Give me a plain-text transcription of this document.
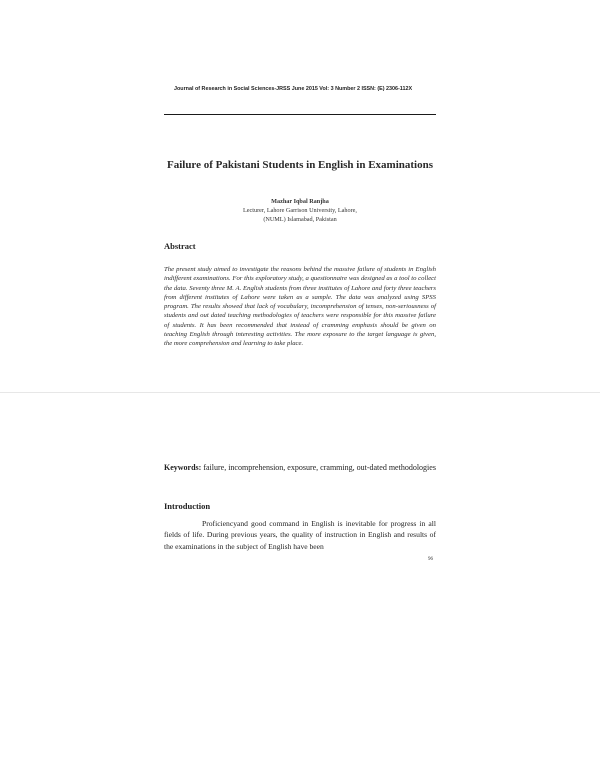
Journal of Research in Social Sciences-JRSS June 2015 Vol: 3 Number 2 ISSN: (E) 2306-112X
Failure of Pakistani Students in English in Examinations
Mazhar Iqbal Ranjha
Lecturer, Lahore Garrison University, Lahore,
(NUML) Islamabad, Pakistan
Abstract
The present study aimed to investigate the reasons behind the massive failure of students in English indifferent examinations. For this exploratory study, a questionnaire was designed as a tool to collect the data. Seventy three M. A. English students from three institutes of Lahore and forty three teachers from different institutes of Lahore were taken as a sample. The data was analyzed using SPSS program. The results showed that lack of vocabulary, incomprehension of tenses, non-seriousness of students and out dated teaching methodologies of teachers were responsible for this massive failure of students. It has been recommended that instead of cramming emphasis should be given on teaching English through interesting activities. The more exposure to the target language is given, the more comprehension and learning to take place.
Keywords: failure, incomprehension, exposure, cramming, out-dated methodologies
Introduction

Proficiencyand good command in English is inevitable for progress in all fields of life. During previous years, the quality of instruction in English and results of the examinations in the subject of English have been

96
